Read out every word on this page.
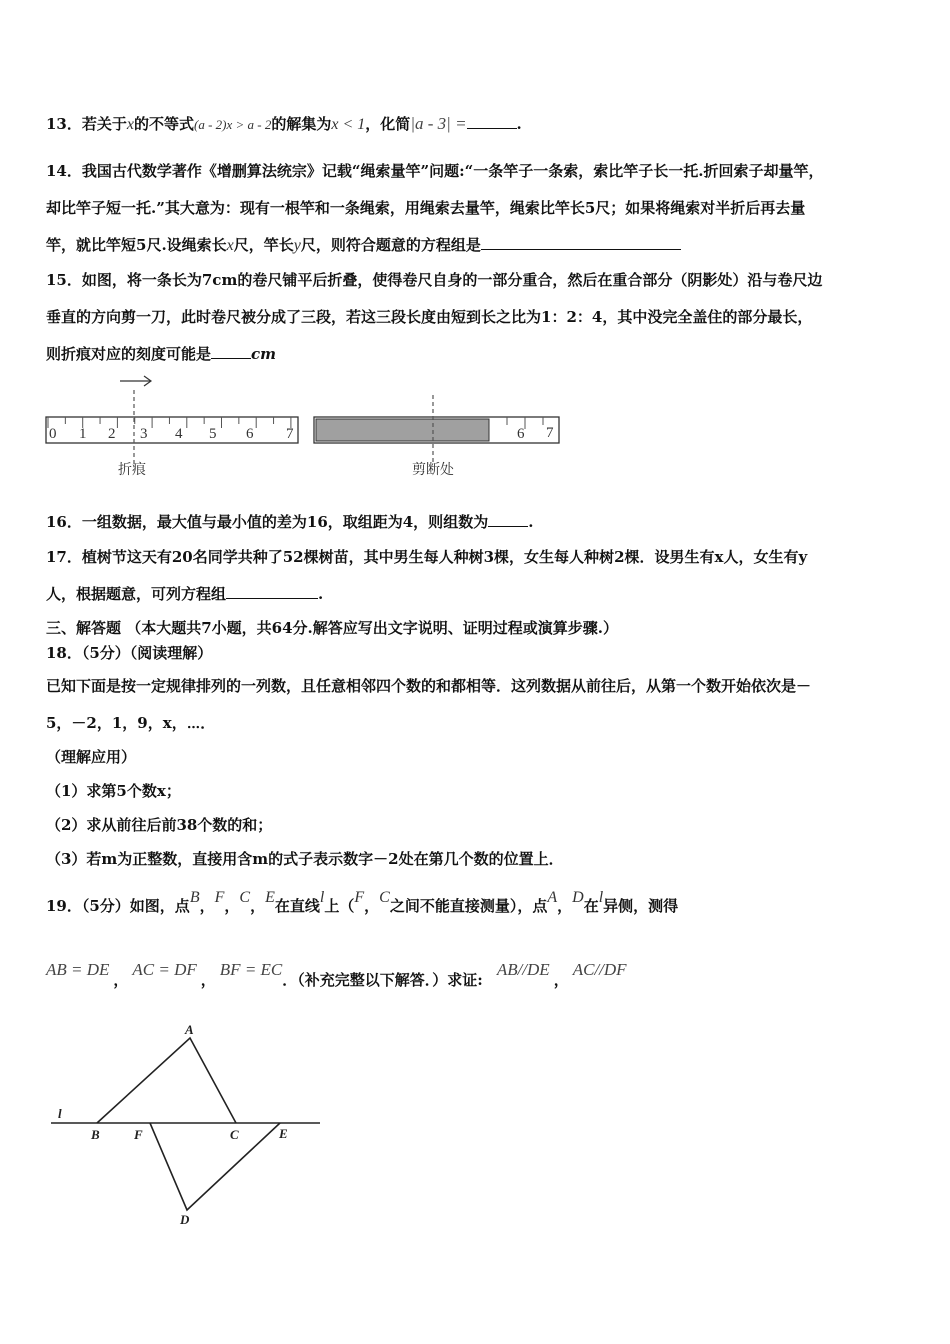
13．若关于x的不等式(a - 2)x > a - 2的解集为x < 1，化简|a - 3| =	.
14．我国古代数学著作《增删算法统宗》记载“绳索量竿”问题:“一条竿子一条索，索比竿子长一托.折回索子却量竿，
却比竿子短一托.”其大意为：现有一根竿和一条绳索，用绳索去量竿，绳索比竿长5尺；如果将绳索对半折后再去量
竿，就比竿短5尺.设绳索长x尺，竿长y尺，则符合题意的方程组是
15．如图，将一条长为7cm的卷尺铺平后折叠，使得卷尺自身的一部分重合，然后在重合部分（阴影处）沿与卷尺边
垂直的方向剪一刀，此时卷尺被分成了三段，若这三段长度由短到长之比为1：2：4，其中没完全盖住的部分最长，
则折痕对应的刻度可能是	cm
0 1 2 3 4 5 6 7
折痕
6 7
剪断处
16．一组数据，最大值与最小值的差为16，取组距为4，则组数为	.
17．植树节这天有20名同学共种了52棵树苗，其中男生每人种树3棵，女生每人种树2棵．设男生有x人，女生有y
人，根据题意，可列方程组	.
三、解答题 （本大题共7小题，共64分.解答应写出文字说明、证明过程或演算步骤.）
18．（5分）（阅读理解）
已知下面是按一定规律排列的一列数，且任意相邻四个数的和都相等．这列数据从前往后，从第一个数开始依次是－
5，－2，1，9，x，⋯．
（理解应用）
（1）求第5个数x；
（2）求从前往后前38个数的和；
（3）若m为正整数，直接用含m的式子表示数字－2处在第几个数的位置上．
19．（5分）如图，点B，F，C，E在直线l上（F，C之间不能直接测量），点A，D在l异侧，测得
AB = DE，AC = DF，BF = EC．（补充完整以下解答．）求证:AB//DE，AC//DF
A
B	F	C	E
D
l
